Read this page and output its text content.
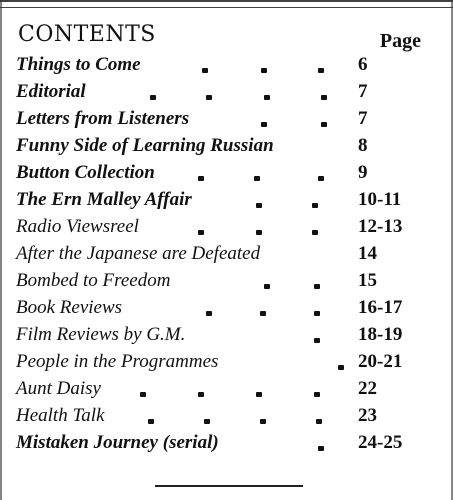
CONTENTS	Page
Things to Come	6
Editorial	7
Letters from Listeners	7
Funny Side of Learning Russian	8
Button Collection	9
The Ern Malley Affair	10-11
Radio Viewsreel	12-13
After the Japanese are Defeated	14
Bombed to Freedom	15
Book Reviews	16-17
Film Reviews by G.M.	18-19
People in the Programmes	20-21
Aunt Daisy	22
Health Talk	23
Mistaken Journey (serial)	24-25
